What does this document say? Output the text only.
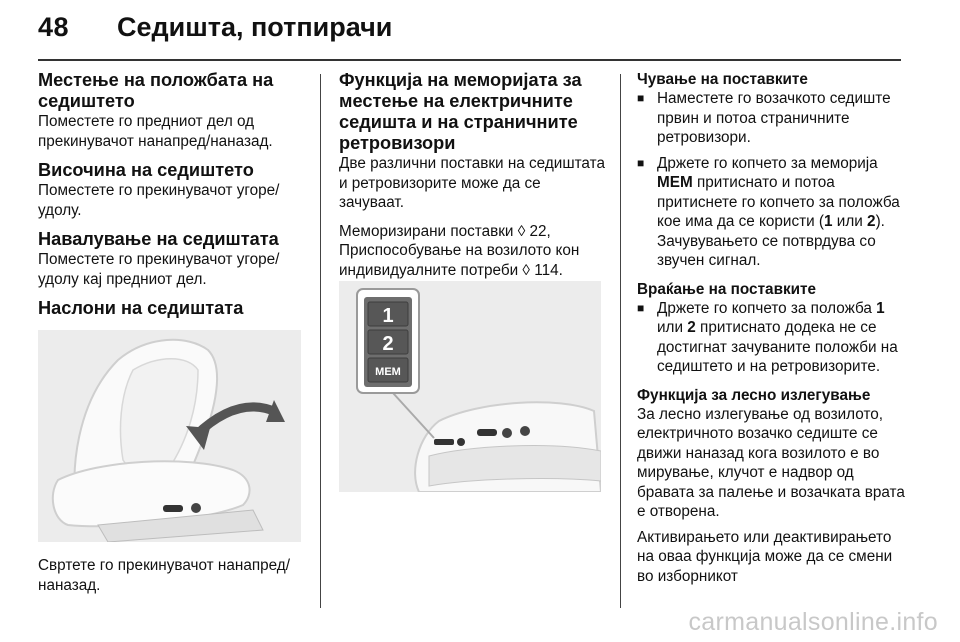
48 Седишта, потпирачи
Местење на положбата на седиштето

Поместете го предниот дел од прекинувачот нанапред/наназад.

Височина на седиштето

Поместете го прекинувачот угоре/ удолу.

Навалување на седиштата

Поместете го прекинувачот угоре/ удолу кај предниот дел.

Наслони на седиштата

Свртете го прекинувачот нанапред/наназад.

Функција на меморијата за местење на електричните седишта и на страничните ретровизори

Две различни поставки на седиштата и ретровизорите може да се зачуваат.

Меморизирани поставки ◊ 22, Приспособување на возилото кон индивидуалните потреби ◊ 114.

1
2
MEM
Чување на поставките

■ Наместете го возачкото седиште првин и потоа страничните ретровизори.

■ Држете го копчето за меморија MEM притиснато и потоа притиснете го копчето за положба кое има да се користи (1 или 2). Зачувувањето се потврдува со звучен сигнал.

Враќање на поставките

■ Држете го копчето за положба 1 или 2 притиснато додека не се достигнат зачуваните положби на седиштето и на ретровизорите.

Функција за лесно излегување

За лесно излегување од возилото, електричното возачко седиште се движи наназад кога возилото е во мирување, клучот е надвор од бравата за палење и возачката врата е отворена.

Активирањето или деактивирањето на оваа функција може да се смени во изборникот

carmanualsonline.info
